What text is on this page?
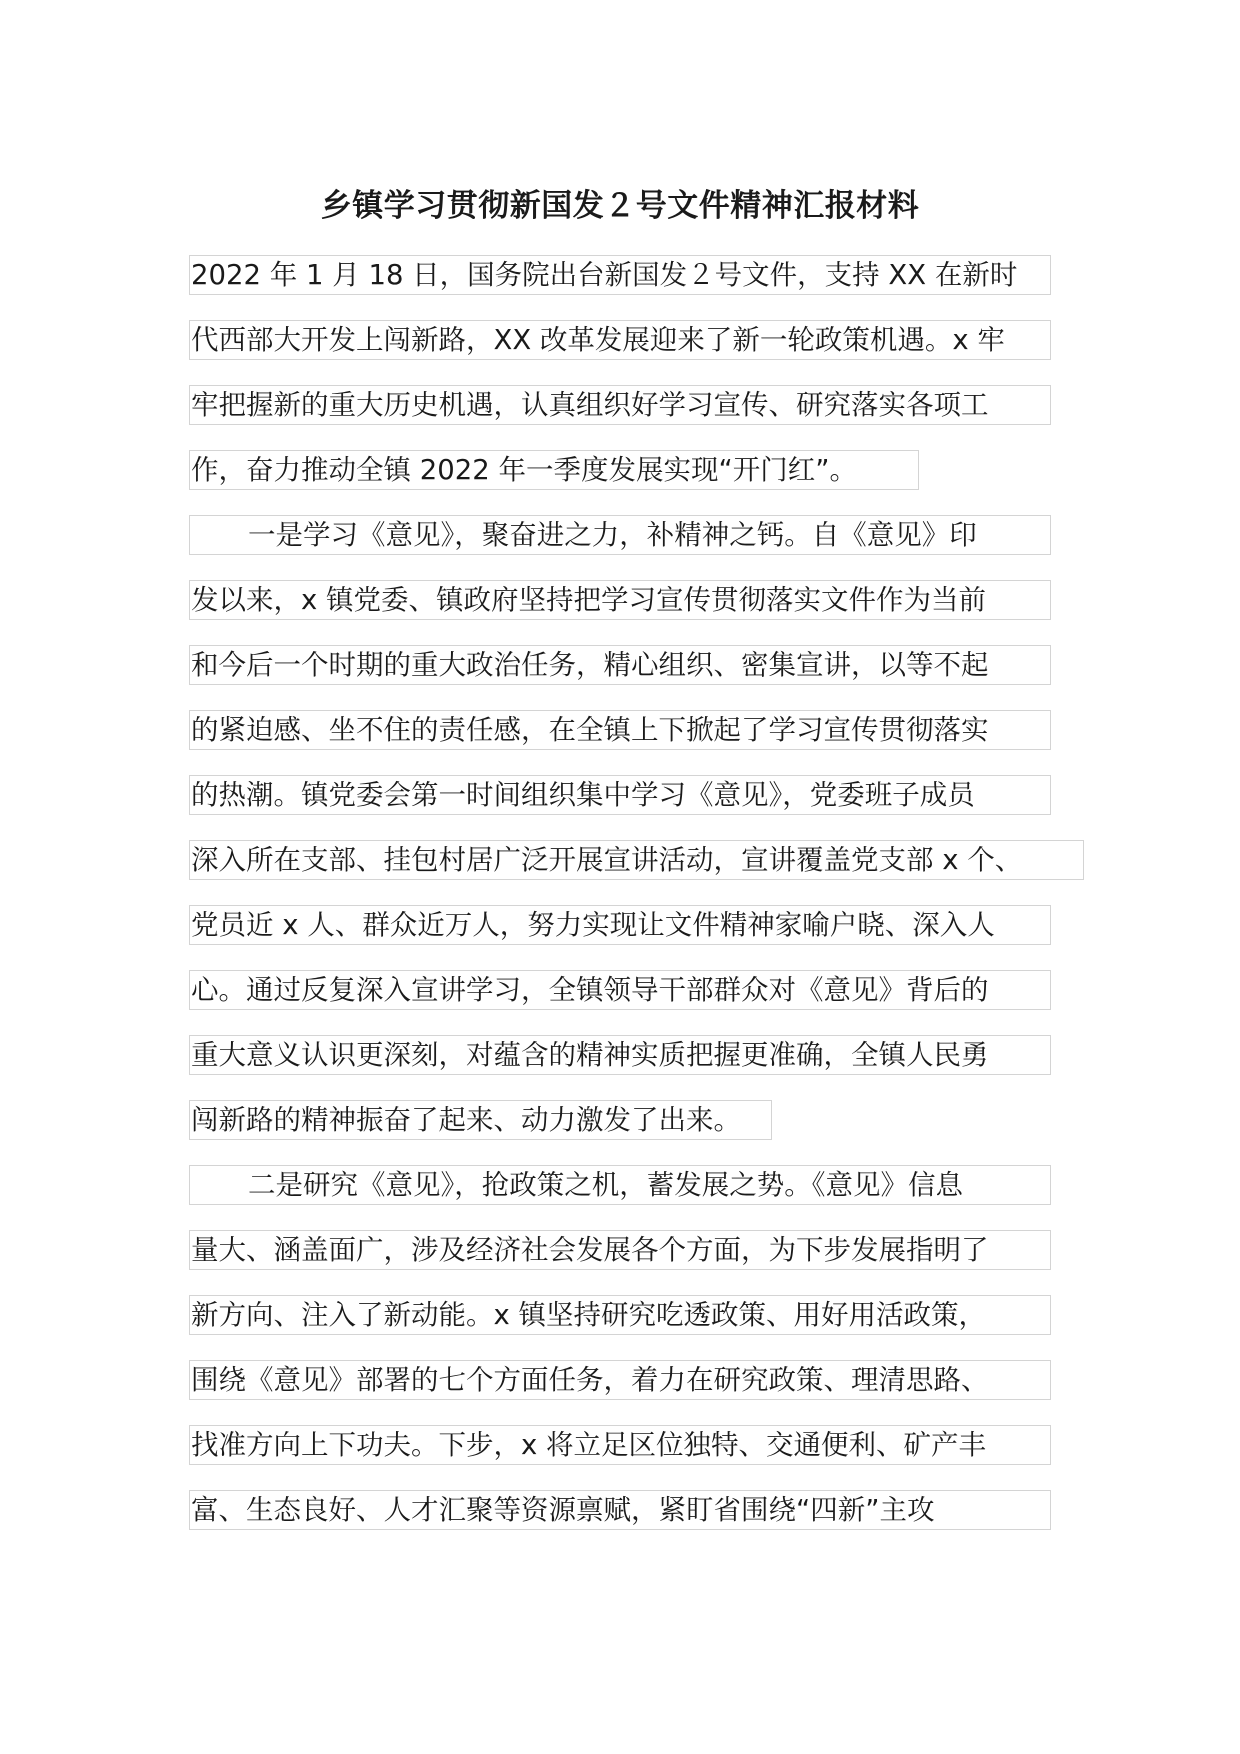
乡镇学习贯彻新国发２号文件精神汇报材料
2022 年 1 月 18 日，国务院出台新国发２号文件，支持 XX 在新时
代西部大开发上闯新路，XX 改革发展迎来了新一轮政策机遇。x 牢
牢把握新的重大历史机遇，认真组织好学习宣传、研究落实各项工
作，奋力推动全镇 2022 年一季度发展实现“开门红”。
一是学习《意见》，聚奋进之力，补精神之钙。自《意见》印
发以来，x 镇党委、镇政府坚持把学习宣传贯彻落实文件作为当前
和今后一个时期的重大政治任务，精心组织、密集宣讲，以等不起
的紧迫感、坐不住的责任感，在全镇上下掀起了学习宣传贯彻落实
的热潮。镇党委会第一时间组织集中学习《意见》，党委班子成员
深入所在支部、挂包村居广泛开展宣讲活动，宣讲覆盖党支部 x 个、
党员近 x 人、群众近万人，努力实现让文件精神家喻户晓、深入人
心。通过反复深入宣讲学习，全镇领导干部群众对《意见》背后的
重大意义认识更深刻，对蕴含的精神实质把握更准确，全镇人民勇
闯新路的精神振奋了起来、动力激发了出来。
二是研究《意见》，抢政策之机，蓄发展之势。《意见》信息
量大、涵盖面广，涉及经济社会发展各个方面，为下步发展指明了
新方向、注入了新动能。x 镇坚持研究吃透政策、用好用活政策，
围绕《意见》部署的七个方面任务，着力在研究政策、理清思路、
找准方向上下功夫。下步，x 将立足区位独特、交通便利、矿产丰
富、生态良好、人才汇聚等资源禀赋，紧盯省围绕“四新”主攻
